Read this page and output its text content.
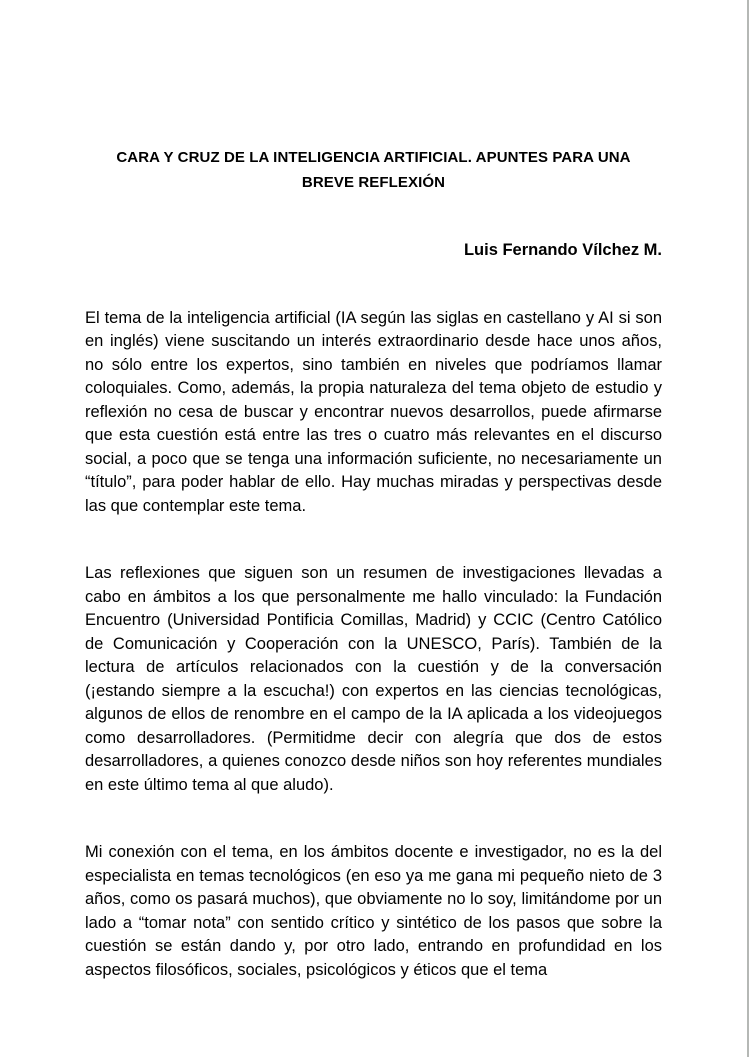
CARA Y CRUZ DE LA INTELIGENCIA ARTIFICIAL. APUNTES PARA UNA BREVE REFLEXIÓN
Luis Fernando Vílchez M.

El tema de la inteligencia artificial (IA según las siglas en castellano y AI si son en inglés) viene suscitando un interés extraordinario desde hace unos años, no sólo entre los expertos, sino también en niveles que podríamos llamar coloquiales. Como, además, la propia naturaleza del tema objeto de estudio y reflexión no cesa de buscar y encontrar nuevos desarrollos, puede afirmarse que esta cuestión está entre las tres o cuatro más relevantes en el discurso social, a poco que se tenga una información suficiente, no necesariamente un “título”, para poder hablar de ello. Hay muchas miradas y perspectivas desde las que contemplar este tema.

Las reflexiones que siguen son un resumen de investigaciones llevadas a cabo en ámbitos a los que personalmente me hallo vinculado: la Fundación Encuentro (Universidad Pontificia Comillas, Madrid) y CCIC (Centro Católico de Comunicación y Cooperación con la UNESCO, París). También de la lectura de artículos relacionados con la cuestión y de la conversación (¡estando siempre a la escucha!) con expertos en las ciencias tecnológicas, algunos de ellos de renombre en el campo de la IA aplicada a los videojuegos como desarrolladores. (Permitidme decir con alegría que dos de estos desarrolladores, a quienes conozco desde niños son hoy referentes mundiales en este último tema al que aludo).

Mi conexión con el tema, en los ámbitos docente e investigador, no es la del especialista en temas tecnológicos (en eso ya me gana mi pequeño nieto de 3 años, como os pasará muchos), que obviamente no lo soy, limitándome por un lado a “tomar nota” con sentido crítico y sintético de los pasos que sobre la cuestión se están dando y, por otro lado, entrando en profundidad en los aspectos filosóficos, sociales, psicológicos y éticos que el tema
